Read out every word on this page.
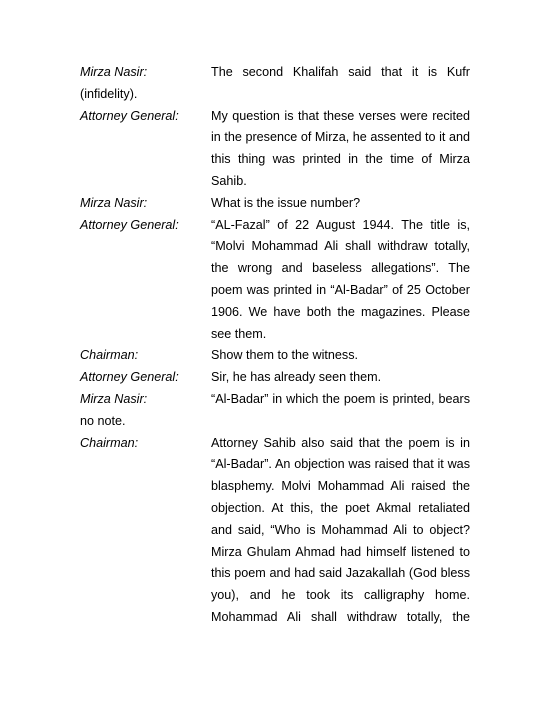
Mirza Nasir:	The second Khalifah said that it is Kufr
(infidelity).
Attorney General:	My question is that these verses were recited
in the presence of Mirza, he assented to it and
this thing was printed in the time of Mirza
Sahib.
Mirza Nasir:	What is the issue number?
Attorney General:	“AL-Fazal” of 22 August 1944. The title is,
“Molvi Mohammad Ali shall withdraw totally,
the wrong and baseless allegations”. The
poem was printed in “Al-Badar” of 25 October
1906. We have both the magazines. Please
see them.
Chairman:	Show them to the witness.
Attorney General:	Sir, he has already seen them.
Mirza Nasir:	“Al-Badar” in which the poem is printed, bears
no note.
Chairman:	Attorney Sahib also said that the poem is in
“Al-Badar”. An objection was raised that it was
blasphemy. Molvi Mohammad Ali raised the
objection. At this, the poet Akmal retaliated
and said, “Who is Mohammad Ali to object?
Mirza Ghulam Ahmad had himself listened to
this poem and had said Jazakallah (God bless
you), and he took its calligraphy home.
Mohammad Ali shall withdraw totally, the
